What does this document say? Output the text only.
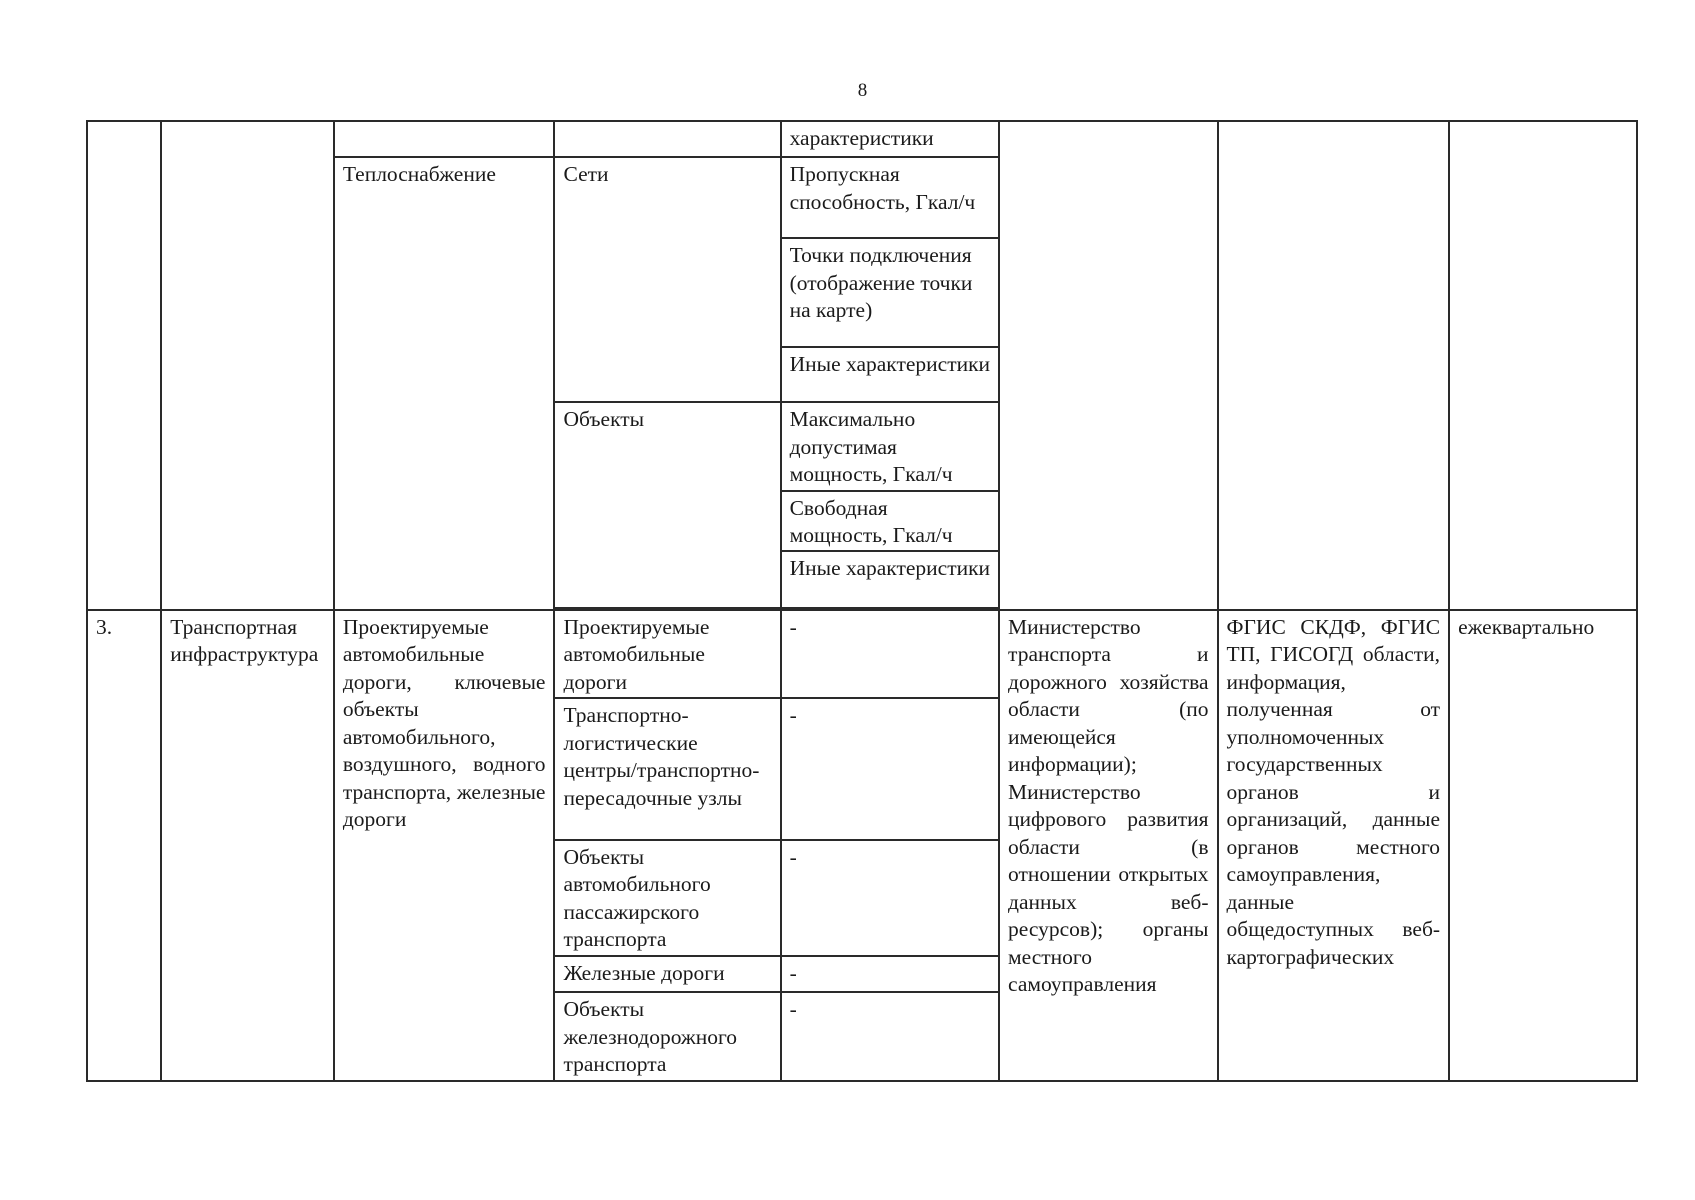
8
				характеристики			
		Теплоснабжение	Сети	Пропускная способность, Гкал/ч			
				Точки подключения (отображение точки на карте)			
				Иные характеристики			
			Объекты	Максимально допустимая мощность, Гкал/ч			
				Свободная мощность, Гкал/ч			
				Иные характеристики			

3.	Транспортная инфраструктура	Проектируемые автомобильные дороги, ключевые объекты автомобильного, воздушного, водного транспорта, железные дороги	Проектируемые автомобильные дороги	-	Министерство транспорта и дорожного хозяйства области (по имеющейся информации); Министерство цифрового развития области (в отношении открытых данных веб-ресурсов); органы местного самоуправления	ФГИС СКДФ, ФГИС ТП, ГИСОГД области, информация, полученная от уполномоченных государственных органов и организаций, данные органов местного самоуправления, данные общедоступных веб-картографических	ежеквартально
			Транспортно-логистические центры/транспортно-пересадочные узлы	-			
			Объекты автомобильного пассажирского транспорта	-			
			Железные дороги	-			
			Объекты железнодорожного транспорта	-			
